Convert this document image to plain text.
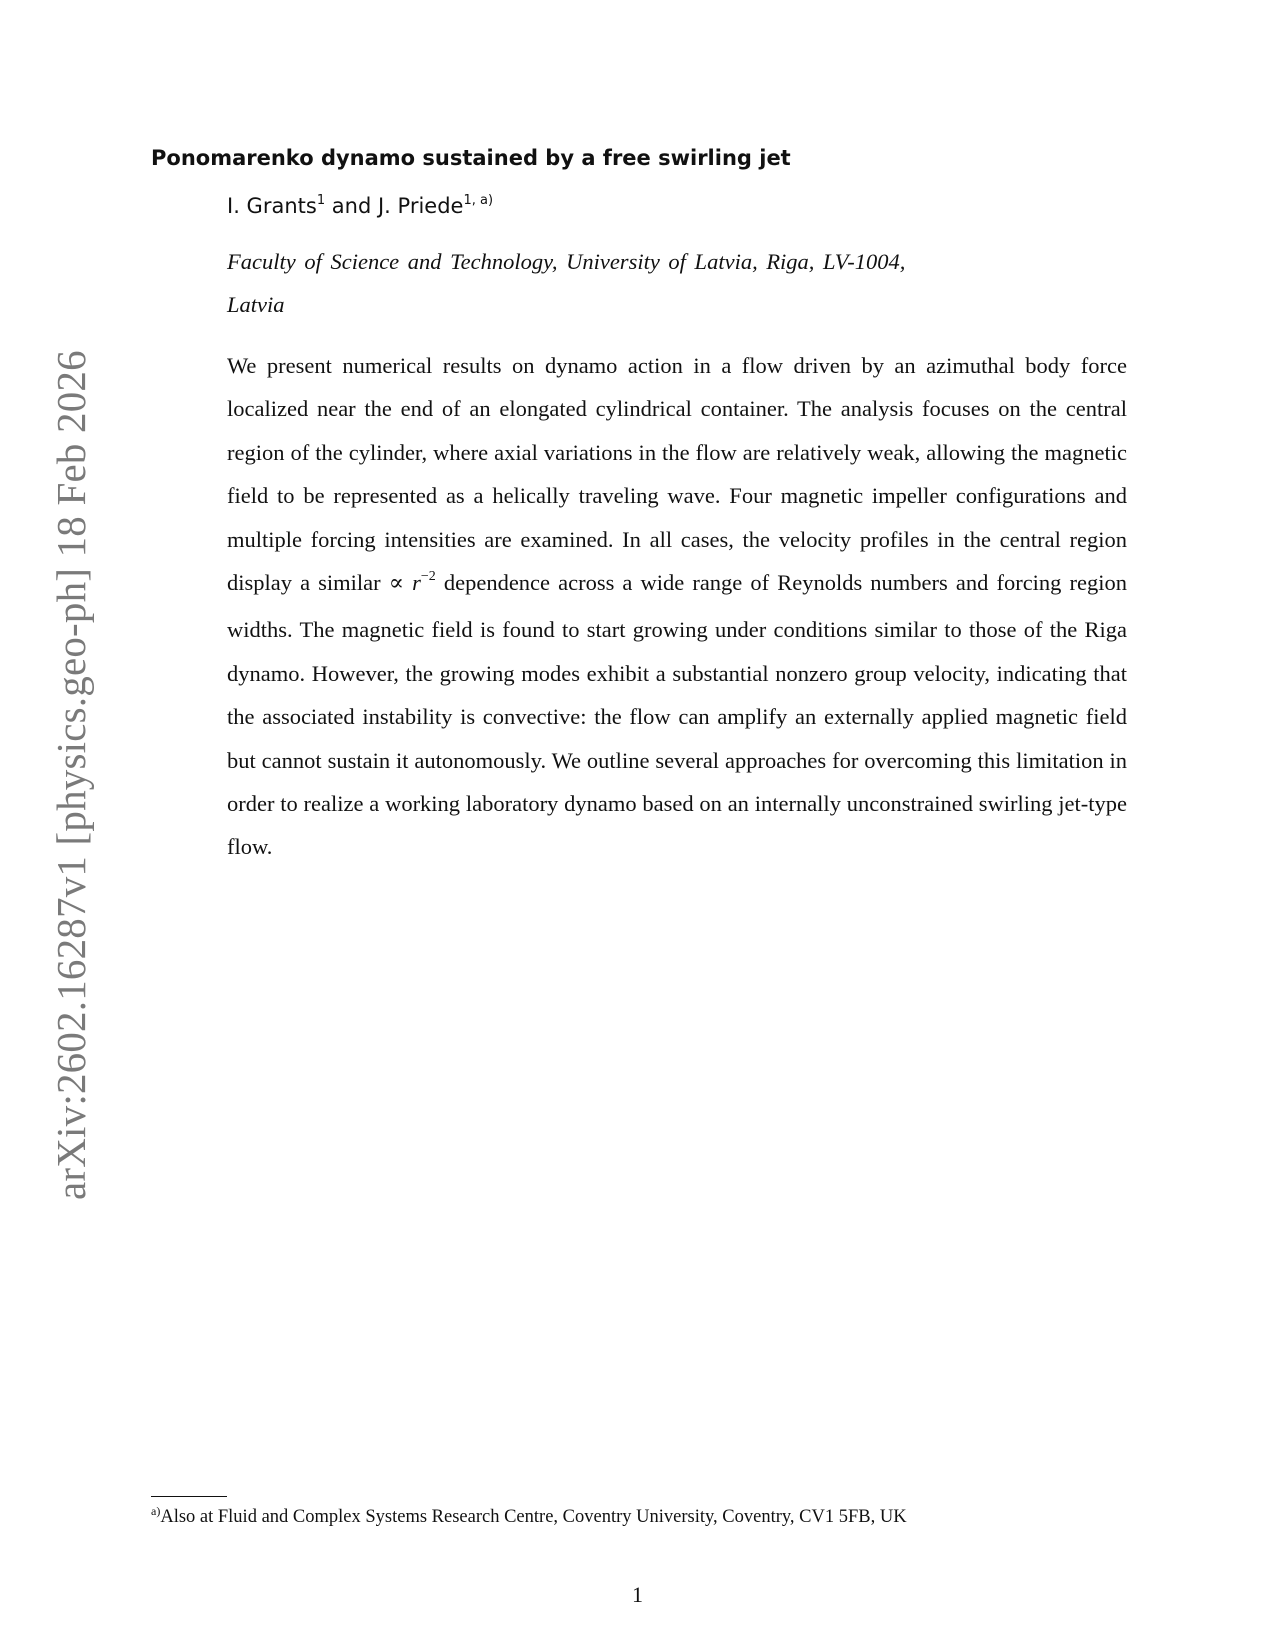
arXiv:2602.16287v1 [physics.geo-ph] 18 Feb 2026
Ponomarenko dynamo sustained by a free swirling jet
I. Grants$^1$ and J. Priede$^{1, a)}$
Faculty of Science and Technology, University of Latvia, Riga, LV-1004,
Latvia
We present numerical results on dynamo action in a flow driven by an azimuthal body force localized near the end of an elongated cylindrical container. The analysis focuses on the central region of the cylinder, where axial variations in the flow are relatively weak, allowing the magnetic field to be represented as a helically traveling wave. Four magnetic impeller configurations and multiple forcing intensities are examined. In all cases, the velocity profiles in the central region display a similar ∝ $r^{-2}$ dependence across a wide range of Reynolds numbers and forcing region widths. The magnetic field is found to start growing under conditions similar to those of the Riga dynamo. However, the growing modes exhibit a substantial nonzero group velocity, indicating that the associated instability is convective: the flow can amplify an externally applied magnetic field but cannot sustain it autonomously. We outline several approaches for overcoming this limitation in order to realize a working laboratory dynamo based on an internally unconstrained swirling jet-type flow.
$^{a)}$Also at Fluid and Complex Systems Research Centre, Coventry University, Coventry, CV1 5FB, UK
1
